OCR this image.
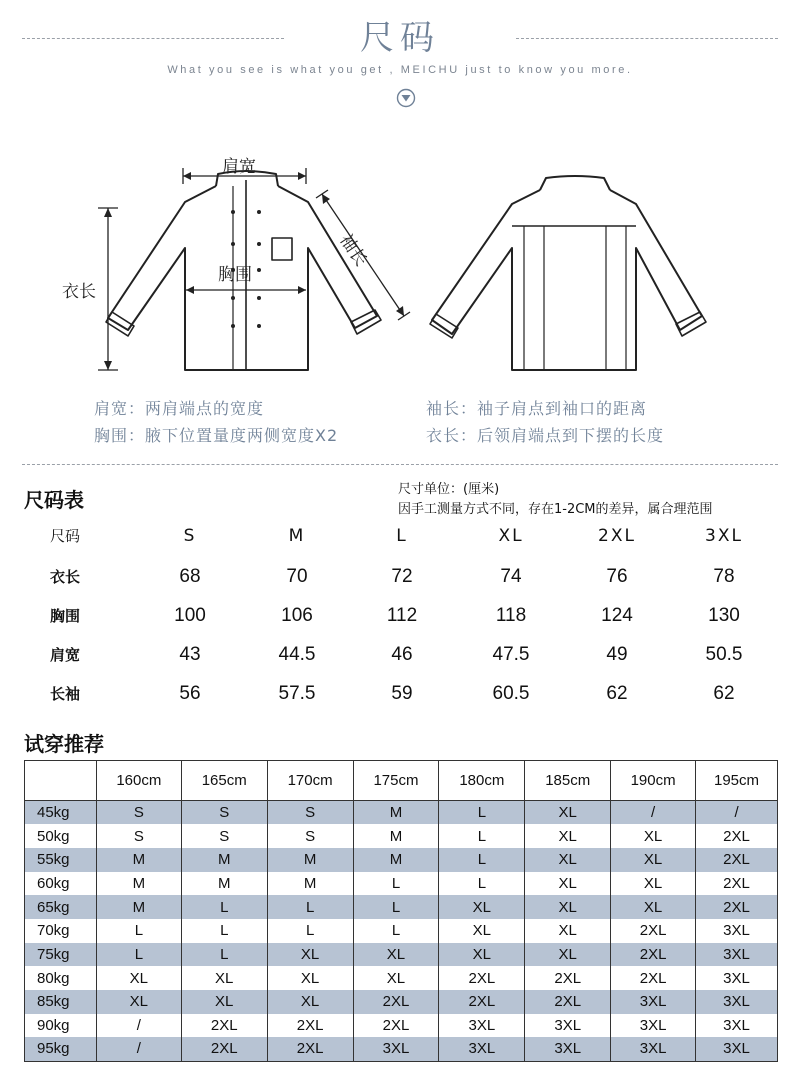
尺码
What you see is what you get , MEICHU just to know you more.
肩宽
袖长
衣长
胸围
肩宽：两肩端点的宽度	袖长：袖子肩点到袖口的距离
胸围：腋下位置量度两侧宽度X2	衣长：后领肩端点到下摆的长度
尺码表	尺寸单位：(厘米)
因手工测量方式不同，存在1-2CM的差异，属合理范围
尺码	S	M	L	XL	2XL	3XL
衣长	68	70	72	74	76	78
胸围	100	106	112	118	124	130
肩宽	43	44.5	46	47.5	49	50.5
长袖	56	57.5	59	60.5	62	62
试穿推荐
	160cm	165cm	170cm	175cm	180cm	185cm	190cm	195cm
45kg	S	S	S	M	L	XL	/	/
50kg	S	S	S	M	L	XL	XL	2XL
55kg	M	M	M	M	L	XL	XL	2XL
60kg	M	M	M	L	L	XL	XL	2XL
65kg	M	L	L	L	XL	XL	XL	2XL
70kg	L	L	L	L	XL	XL	2XL	3XL
75kg	L	L	XL	XL	XL	XL	2XL	3XL
80kg	XL	XL	XL	XL	2XL	2XL	2XL	3XL
85kg	XL	XL	XL	2XL	2XL	2XL	3XL	3XL
90kg	/	2XL	2XL	2XL	3XL	3XL	3XL	3XL
95kg	/	2XL	2XL	3XL	3XL	3XL	3XL	3XL
